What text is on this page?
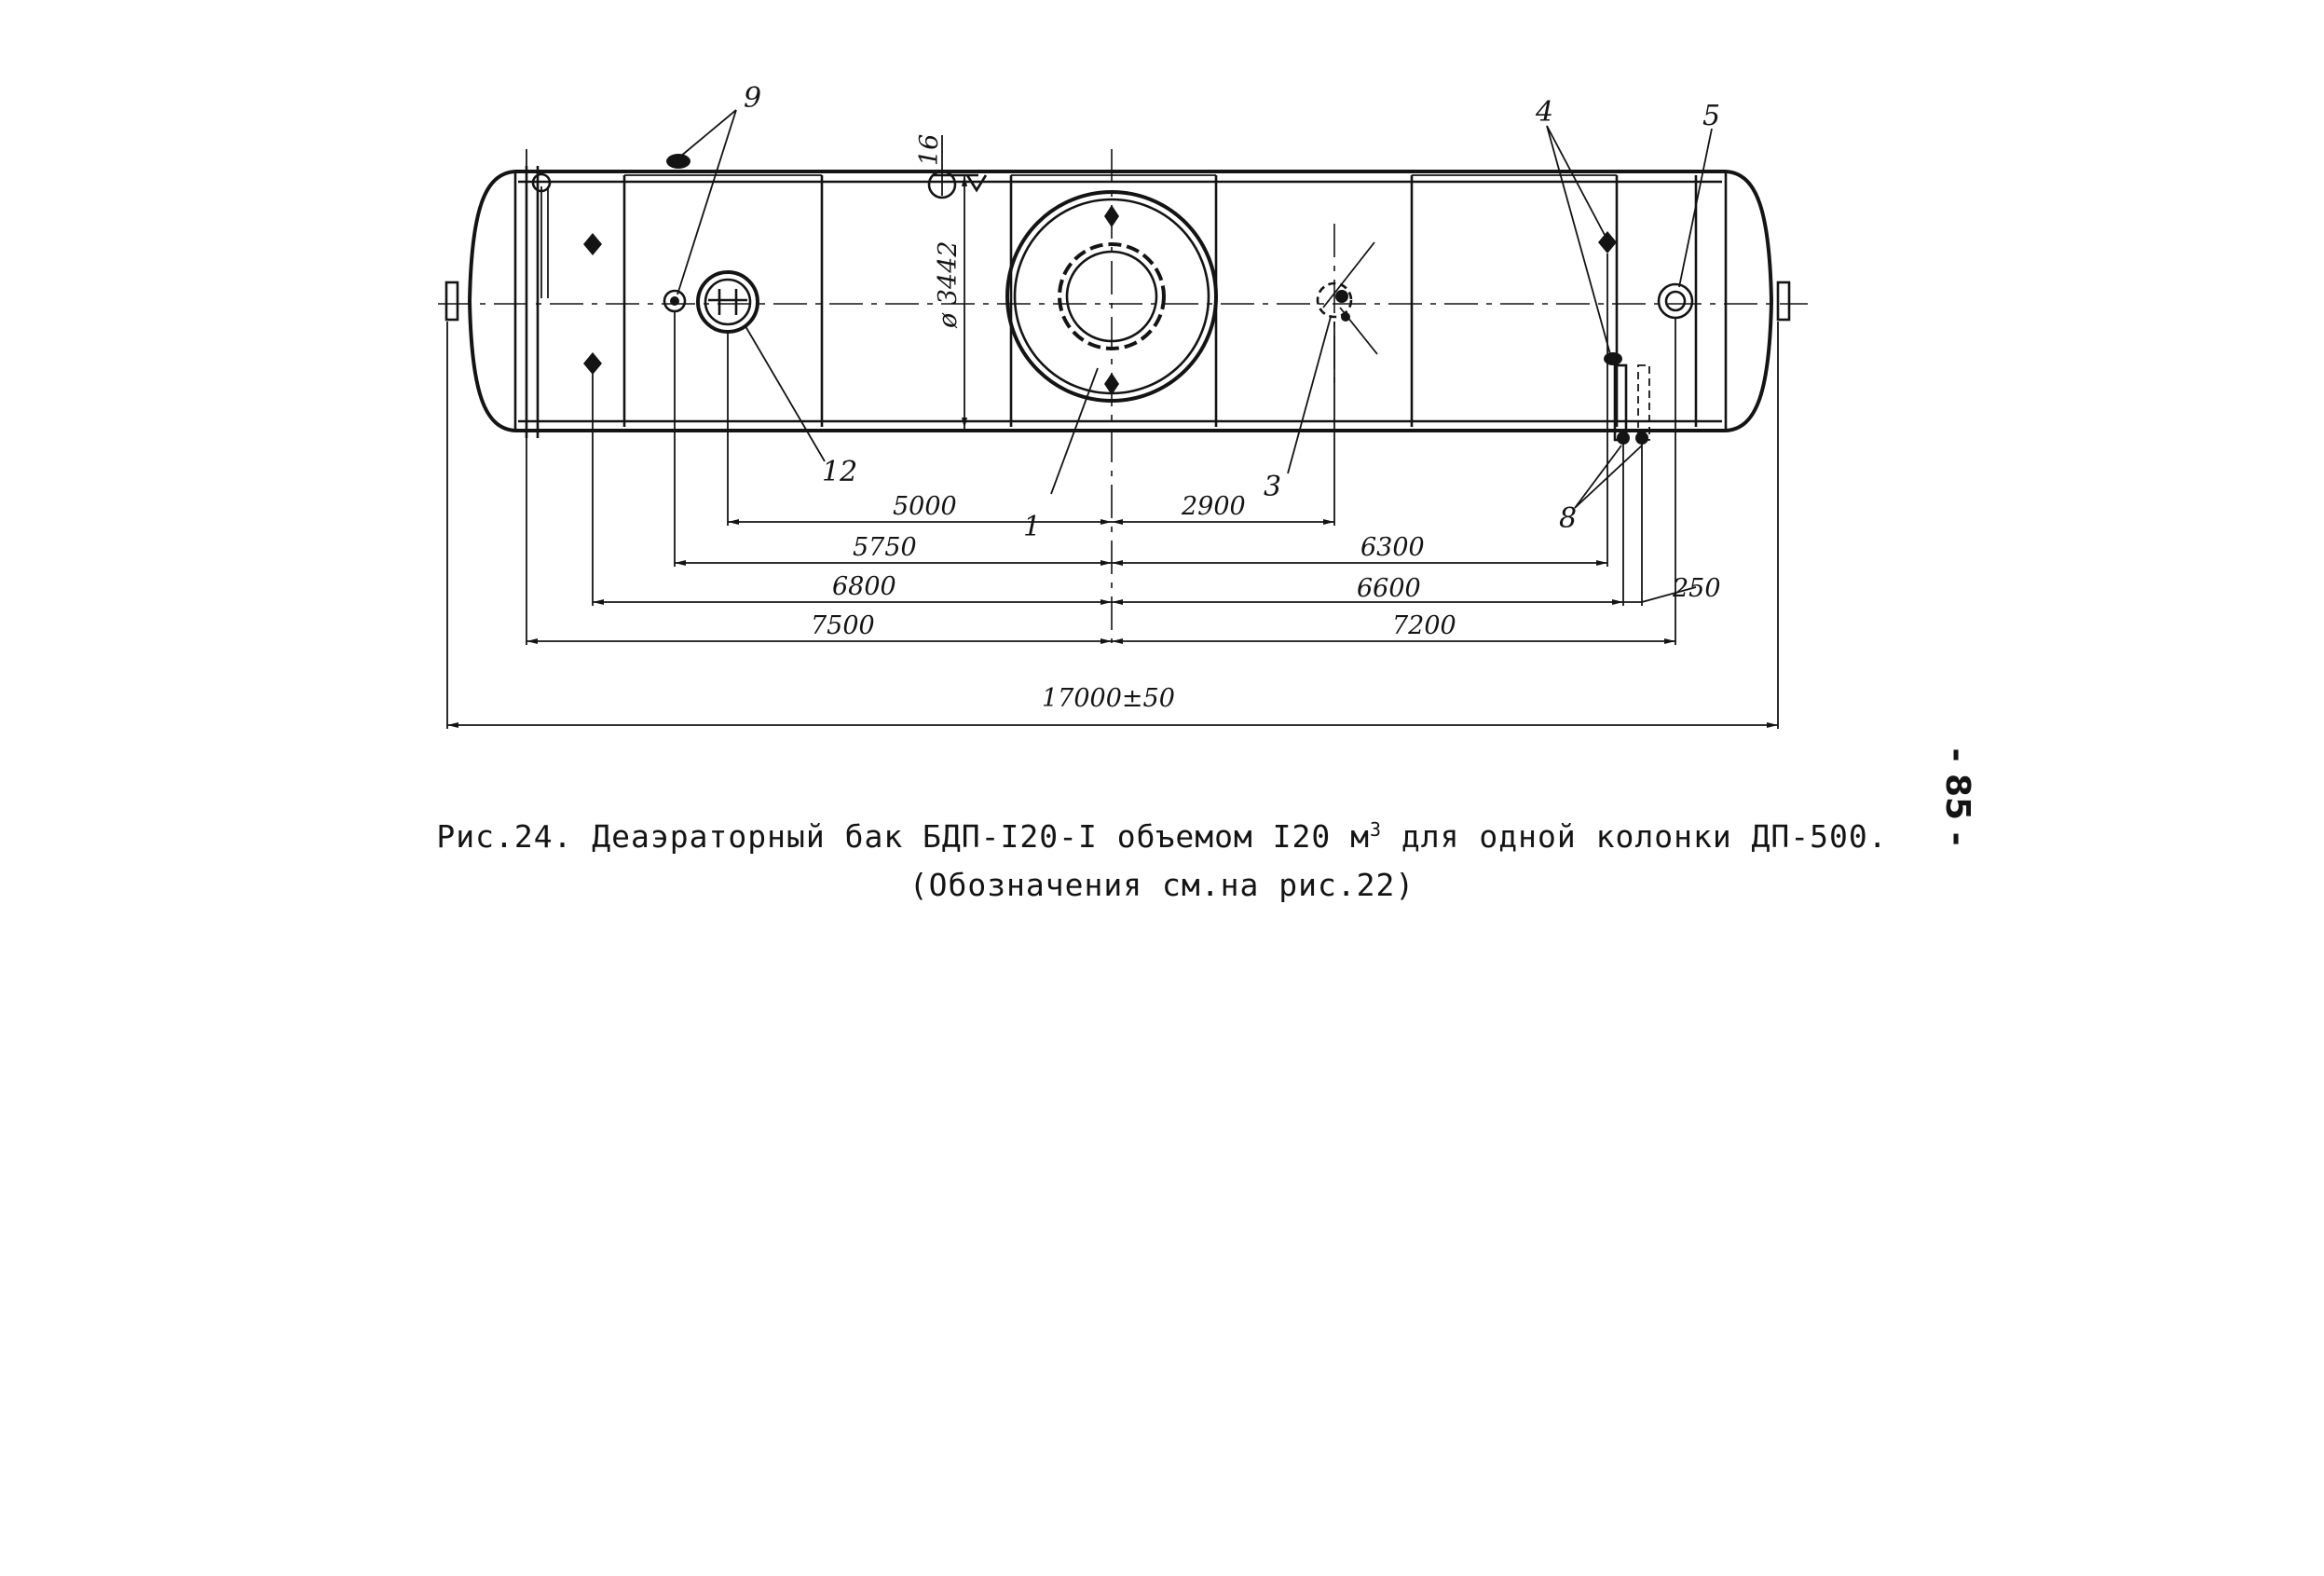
9	4	5
12
1
3
8
ø 3442
16
5000	2900
5750	6300
6800	6600	250
7500	7200
17000±50
Рис.24. Деаэраторный бак БДП-I20-I объемом I20 $м^3$ для одной колонки ДП-500.
(Обозначения см.на рис.22)
- 85 -
